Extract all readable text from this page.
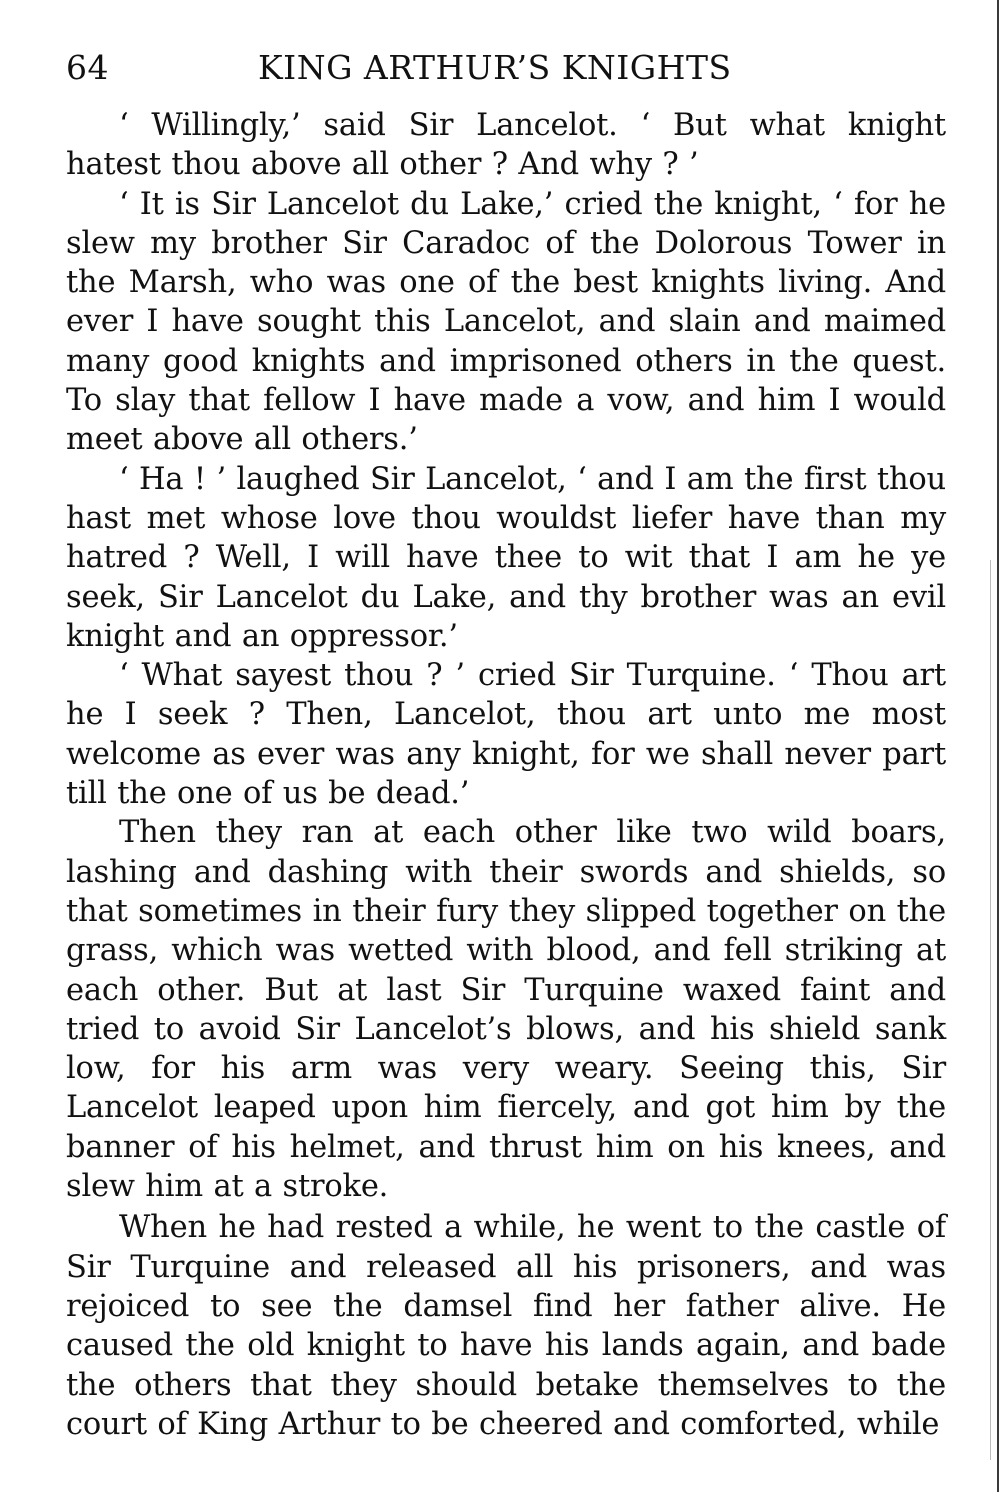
64	KING ARTHUR’S KNIGHTS

‘ Willingly,’ said Sir Lancelot. ‘ But what knight hatest thou above all other ? And why ? ’

‘ It is Sir Lancelot du Lake,’ cried the knight, ‘ for he slew my brother Sir Caradoc of the Dolorous Tower in the Marsh, who was one of the best knights living. And ever I have sought this Lancelot, and slain and maimed many good knights and imprisoned others in the quest. To slay that fellow I have made a vow, and him I would meet above all others.’

‘ Ha ! ’ laughed Sir Lancelot, ‘ and I am the first thou hast met whose love thou wouldst liefer have than my hatred ? Well, I will have thee to wit that I am he ye seek, Sir Lancelot du Lake, and thy brother was an evil knight and an oppressor.’

‘ What sayest thou ? ’ cried Sir Turquine. ‘ Thou art he I seek ? Then, Lancelot, thou art unto me most welcome as ever was any knight, for we shall never part till the one of us be dead.’

Then they ran at each other like two wild boars, lashing and dashing with their swords and shields, so that sometimes in their fury they slipped together on the grass, which was wetted with blood, and fell striking at each other. But at last Sir Turquine waxed faint and tried to avoid Sir Lancelot’s blows, and his shield sank low, for his arm was very weary. Seeing this, Sir Lancelot leaped upon him fiercely, and got him by the banner of his helmet, and thrust him on his knees, and slew him at a stroke.

When he had rested a while, he went to the castle of Sir Turquine and released all his prisoners, and was rejoiced to see the damsel find her father alive. He caused the old knight to have his lands again, and bade the others that they should betake themselves to the court of King Arthur to be cheered and comforted, while
